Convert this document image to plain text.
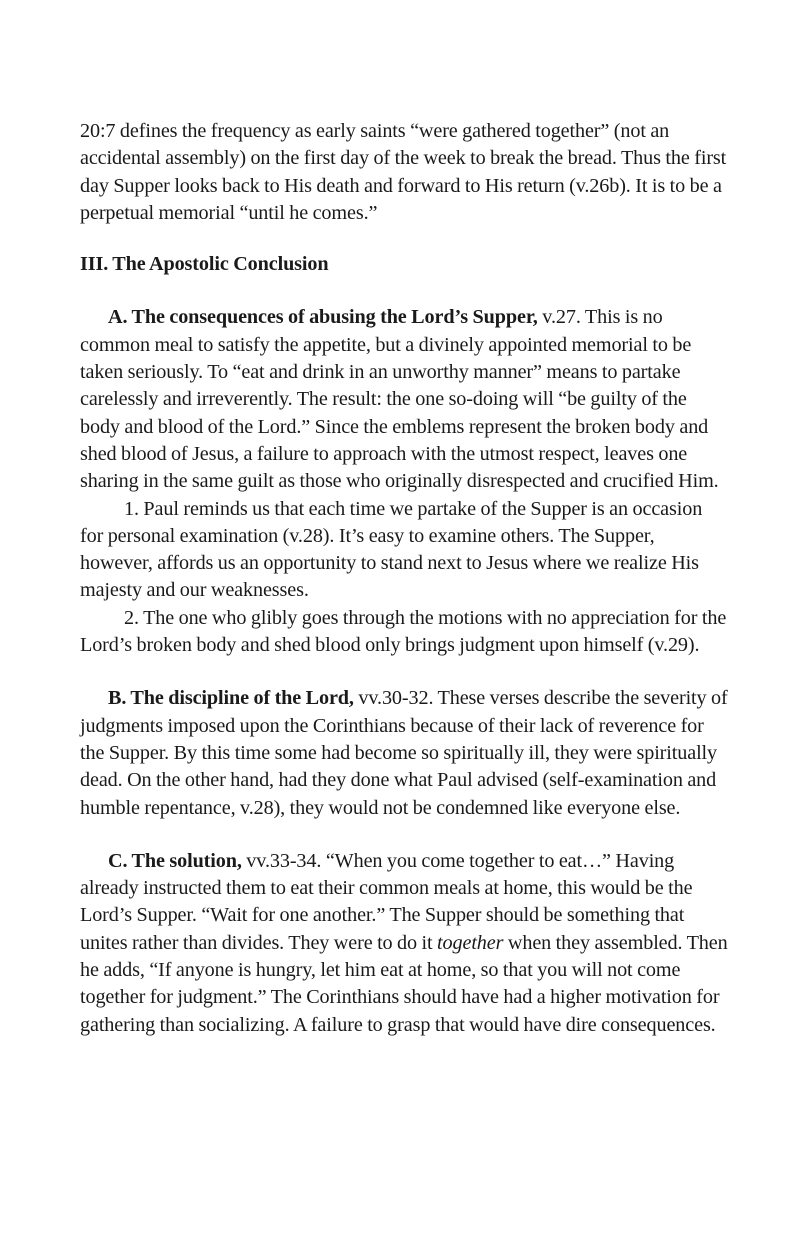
20:7 defines the frequency as early saints “were gathered together” (not an accidental assembly) on the first day of the week to break the bread. Thus the first day Supper looks back to His death and forward to His return (v.26b). It is to be a perpetual memorial “until he comes.”

III. The Apostolic Conclusion

A. The consequences of abusing the Lord’s Supper, v.27. This is no common meal to satisfy the appetite, but a divinely appointed memorial to be taken seriously. To “eat and drink in an unworthy manner” means to partake carelessly and irreverently. The result: the one so-doing will “be guilty of the body and blood of the Lord.” Since the emblems represent the broken body and shed blood of Jesus, a failure to approach with the utmost respect, leaves one sharing in the same guilt as those who originally disrespected and crucified Him.

1. Paul reminds us that each time we partake of the Supper is an occasion for personal examination (v.28). It’s easy to examine others. The Supper, however, affords us an opportunity to stand next to Jesus where we realize His majesty and our weaknesses.

2. The one who glibly goes through the motions with no appreciation for the Lord’s broken body and shed blood only brings judgment upon himself (v.29).

B. The discipline of the Lord, vv.30-32. These verses describe the severity of judgments imposed upon the Corinthians because of their lack of reverence for the Supper. By this time some had become so spiritually ill, they were spiritually dead. On the other hand, had they done what Paul advised (self-examination and humble repentance, v.28), they would not be condemned like everyone else.

C. The solution, vv.33-34. “When you come together to eat…” Having already instructed them to eat their common meals at home, this would be the Lord’s Supper. “Wait for one another.” The Supper should be something that unites rather than divides. They were to do it together when they assembled. Then he adds, “If anyone is hungry, let him eat at home, so that you will not come together for judgment.” The Corinthians should have had a higher motivation for gathering than socializing. A failure to grasp that would have dire consequences.
